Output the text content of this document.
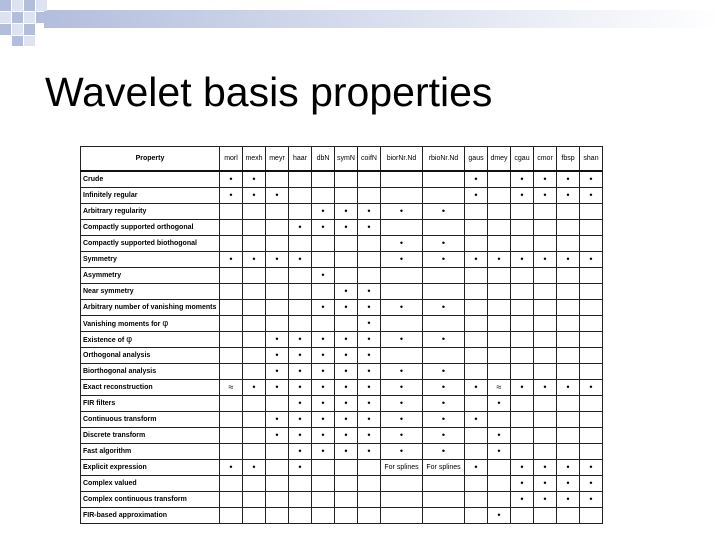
Wavelet basis properties
Property	morl	mexh	meyr	haar	dbN	symN	coifN	biorNr.Nd	rbioNr.Nd	gaus	dmey	cgau	cmor	fbsp	shan
Crude	•	•								•		•	•	•	•
Infinitely regular	•	•	•							•		•	•	•	•
Arbitrary regularity					•	•	•	•	•						
Compactly supported orthogonal				•	•	•	•								
Compactly supported biothogonal								•	•						
Symmetry	•	•	•	•				•	•	•	•	•	•	•	•
Asymmetry					•										
Near symmetry						•	•								
Arbitrary number of vanishing moments					•	•	•	•	•						
Vanishing moments for φ							•								
Existence of φ			•	•	•	•	•	•	•						
Orthogonal analysis			•	•	•	•	•								
Biorthogonal analysis			•	•	•	•	•	•	•						
Exact reconstruction	≈	•	•	•	•	•	•	•	•	•	≈	•	•	•	•
FIR filters				•	•	•	•	•	•		•				
Continuous transform			•	•	•	•	•	•	•	•					
Discrete transform			•	•	•	•	•	•	•		•				
Fast algorithm				•	•	•	•	•	•		•				
Explicit expression	•	•		•				For splines	For splines	•		•	•	•	•
Complex valued												•	•	•	•
Complex continuous transform												•	•	•	•
FIR-based approximation											•				
